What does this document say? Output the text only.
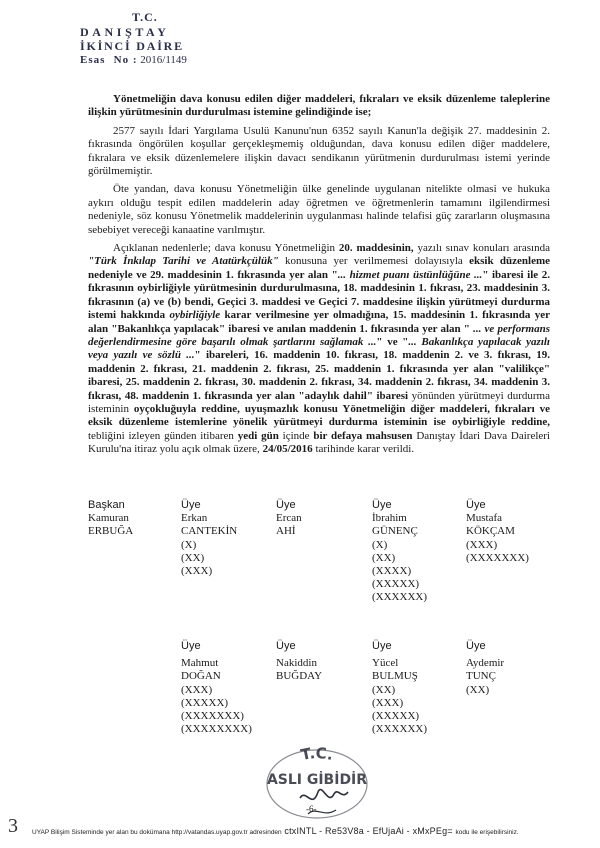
T.C.
DANIŞTAY
İKİNCİ DAİRE
Esas No : 2016/1149

Yönetmeliğin dava konusu edilen diğer maddeleri, fıkraları ve eksik düzenleme taleplerine ilişkin yürütmesinin durdurulması istemine gelindiğinde ise;

2577 sayılı İdari Yargılama Usulü Kanunu'nun 6352 sayılı Kanun'la değişik 27. maddesinin 2. fıkrasında öngörülen koşullar gerçekleşmemiş olduğundan, dava konusu edilen diğer maddelere, fıkralara ve eksik düzenlemelere ilişkin davacı sendikanın yürütmenin durdurulması istemi yerinde görülmemiştir.

Öte yandan, dava konusu Yönetmeliğin ülke genelinde uygulanan nitelikte olmasi ve hukuka aykırı olduğu tespit edilen maddelerin aday öğretmen ve öğretmenlerin tamamını ilgilendirmesi nedeniyle, söz konusu Yönetmelik maddelerinin uygulanması halinde telafisi güç zararların oluşmasına sebebiyet vereceği kanaatine varılmıştır.

Açıklanan nedenlerle; dava konusu Yönetmeliğin 20. maddesinin, yazılı sınav konuları arasında "Türk İnkılap Tarihi ve Atatürkçülük" konusuna yer verilmemesi dolayısıyla eksik düzenleme nedeniyle ve 29. maddesinin 1. fıkrasında yer alan "... hizmet puanı üstünlüğüne ..." ibaresi ile 2. fıkrasının oybirliğiyle yürütmesinin durdurulmasına, 18. maddesinin 1. fıkrası, 23. maddesinin 3. fıkrasının (a) ve (b) bendi, Geçici 3. maddesi ve Geçici 7. maddesine ilişkin yürütmeyi durdurma istemi hakkında oybirliğiyle karar verilmesine yer olmadığına, 15. maddesinin 1. fıkrasında yer alan "Bakanlıkça yapılacak" ibaresi ve anılan maddenin 1. fıkrasında yer alan " ... ve performans değerlendirmesine göre başarılı olmak şartlarını sağlamak ..." ve "... Bakanlıkça yapılacak yazılı veya yazılı ve sözlü ..." ibareleri, 16. maddenin 10. fıkrası, 18. maddenin 2. ve 3. fıkrası, 19. maddenin 2. fıkrası, 21. maddenin 2. fıkrası, 25. maddenin 1. fıkrasında yer alan "valilikçe" ibaresi, 25. maddenin 2. fıkrası, 30. maddenin 2. fıkrası, 34. maddenin 2. fıkrası, 34. maddenin 3. fıkrası, 48. maddenin 1. fıkrasında yer alan "adaylık dahil" ibaresi yönünden yürütmeyi durdurma isteminin oyçokluğuyla reddine, uyuşmazlık konusu Yönetmeliğin diğer maddeleri, fıkraları ve eksik düzenleme istemlerine yönelik yürütmeyi durdurma isteminin ise oybirliğiyle reddine, tebliğini izleyen günden itibaren yedi gün içinde bir defaya mahsusen Danıştay İdari Dava Daireleri Kurulu'na itiraz yolu açık olmak üzere, 24/05/2016 tarihinde karar verildi.

Başkan
Kamuran
ERBUĞA
Üye
Erkan
CANTEKİN
(X)
(XX)
(XXX)
Üye
Ercan
AHİ
Üye
İbrahim
GÜNENÇ
(X)
(XX)
(XXXX)
(XXXXX)
(XXXXXX)
Üye
Mustafa
KÖKÇAM
(XXX)
(XXXXXXX)
Üye
Mahmut
DOĞAN
(XXX)
(XXXXX)
(XXXXXXX)
(XXXXXXXX)
Üye
Nakiddin
BUĞDAY
Üye
Yücel
BULMUŞ
(XX)
(XXX)
(XXXXX)
(XXXXXX)
Üye
Aydemir
TUNÇ
(XX)
T.C.
ASLI GİBİDİR
-6-
3 UYAP Bilişim Sisteminde yer alan bu dokümana http://vatandas.uyap.gov.tr adresinden ctxINTL - Re53V8a - EfUjaAi - xMxPEg= kodu ile erişebilirsiniz.
